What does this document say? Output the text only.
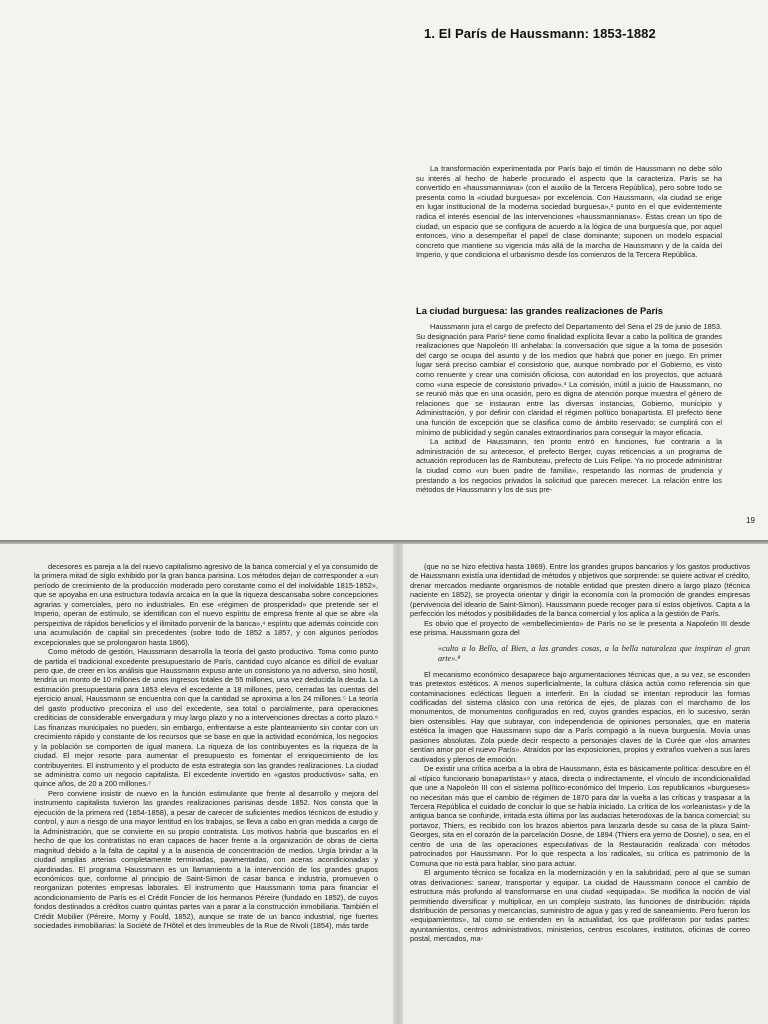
1. El París de Haussmann: 1853-1882

La transformación experimentada por París bajo el timón de Haussmann no debe sólo su interés al hecho de haberle procurado el aspecto que la caracteriza. París se ha convertido en «haussmanniana» (con el auxilio de la Tercera República), pero sobre todo se presenta como la «ciudad burguesa» por excelencia. Con Haussmann, «la ciudad se erige en lugar institucional de la moderna sociedad burguesa»,¹ punto en el que evidentemente radica el interés esencial de las intervenciones «haussmannianas». Éstas crean un tipo de ciudad, un espacio que se configura de acuerdo a la lógica de una burguesía que, por aquel entonces, vino a desempeñar el papel de clase dominante; suponen un modelo espacial concreto que mantiene su vigencia más allá de la marcha de Haussmann y de la caída del Imperio, y que condiciona el urbanismo desde los comienzos de la Tercera República.

La ciudad burguesa: las grandes realizaciones de París

Haussmann jura el cargo de prefecto del Departamento del Sena el 29 de junio de 1853. Su designación para París² tiene como finalidad explícita llevar a cabo la política de grandes realizaciones que Napoleón III anhelaba: la conversación que sigue a la toma de posesión del cargo se ocupa del asunto y de los medios que habrá que poner en juego. En primer lugar será preciso cambiar el consistorio que, aunque nombrado por el Gobierno, es visto como renuente y crear una comisión oficiosa, con autoridad en los proyectos, que actuará como «una especie de consistorio privado».³ La comisión, inútil a juicio de Haussmann, no se reunió más que en una ocasión, pero es digna de atención porque muestra el género de relaciones que se instauran entre las diversas instancias, Gobierno, municipio y Administración, y por definir con claridad el régimen político bonapartista. El prefecto tiene una función de excepción que se clasifica como de ámbito reservado; se cumplirá con el mínimo de publicidad y según canales extraordinarios para conseguir la mayor eficacia.

La actitud de Haussmann, ten pronto entró en funciones, fue contraria a la administración de su antecesor, el prefecto Berger, cuyas reticencias a un programa de actuación reproducen las de Rambuteau, prefecto de Luis Felipe. Ya no procede administrar la ciudad como «un buen padre de familia», respetando las normas de prudencia y prestando a los negocios privados la solicitud que parecen merecer. La relación entre los métodos de Haussmann y los de sus pre-

19

decesores es pareja a la del nuevo capitalismo agresivo de la banca comercial y el ya consumido de la primera mitad de siglo exhibido por la gran banca parisina. Los métodos dejan de corresponder a «un período de crecimiento de la producción moderado pero constante como el del inolvidable 1815-1852», que se apoyaba en una estructura todavía arcaica en la que la riqueza descansaba sobre concepciones agrarias y comerciales, pero no industriales. En ese «régimen de prosperidad» que pretende ser el Imperio, operan de estímulo, se identifican con el nuevo espíritu de empresa frente al que se abre «la perspectiva de rápidos beneficios y el ilimitado porvenir de la banca»,⁴ espíritu que además coincide con una acumulación de capital sin precedentes (sobre todo de 1852 a 1857, y con algunos períodos excepcionales que se prolongaron hasta 1866).

Como método de gestión, Haussmann desarrolla la teoría del gasto productivo. Toma como punto de partida el tradicional excedente presupuestario de París, cantidad cuyo alcance es difícil de evaluar pero que, de creer en los análisis que Haussmann expuso ante un consistorio ya no adverso, sino hostil, tendría un monto de 10 millones de unos ingresos totales de 55 millones, una vez deducida la deuda. La estimación presupuestaria para 1853 eleva el excedente a 18 millones, pero, cerradas las cuentas del ejercicio anual, Haussmann se encuentra con que la cantidad se aproxima a los 24 millones.⁵ La teoría del gasto productivo preconiza el uso del excedente, sea total o parcialmente, para operaciones crediticias de considerable envergadura y muy largo plazo y no a intervenciones directas a corto plazo.⁶ Las finanzas municipales no pueden, sin embargo, enfrentarse a este planteamiento sin contar con un crecimiento rápido y constante de los recursos que se base en que la actividad económica, los negocios y la población se comporten de igual manera. La riqueza de los contribuyentes es la riqueza de la ciudad. El mejor resorte para aumentar el presupuesto es fomentar el enriquecimiento de los contribuyentes. El instrumento y el producto de esta estrategia son las grandes realizaciones. La ciudad se administra como un negocio capitalista. El excedente invertido en «gastos productivos» salta, en quince años, de 20 a 200 millones.⁷

Pero conviene insistir de nuevo en la función estimulante que frente al desarrollo y mejora del instrumento capitalista tuvieron las grandes realizaciones parisinas desde 1852. Nos consta que la ejecución de la primera red (1854-1858), a pesar de carecer de suficientes medios técnicos de estudio y control, y aun a riesgo de una mayor lentitud en los trabajos, se lleva a cabo en gran medida a cargo de la Administración, que se convierte en su propio contratista. Los motivos habría que buscarlos en el hecho de que los contratistas no eran capaces de hacer frente a la organización de obras de cierta magnitud debido a la falta de capital y a la ausencia de concentración de medios. Urgía brindar a la ciudad amplias arterias completamente terminadas, pavimentadas, con aceras acondicionadas y ajardinadas. El programa Haussmann es un llamamiento a la intervención de los grandes grupos económicos que, conforme al principio de Saint-Simon de casar banca e industria, promueven o reorganizan potentes empresas laborales. El instrumento que Haussmann toma para financiar el acondicionamiento de París es el Crédit Foncier de los hermanos Péreire (fundado en 1852), de cuyos fondos destinados a créditos cuatro quintas partes van a parar a la construcción inmobiliaria. También el Crédit Mobilier (Péreire, Morny y Fould, 1852), aunque se trate de un banco industrial, rige fuertes sociedades inmobiliarias: la Société de l'Hôtel et des Immeubles de la Rue de Rivoli (1854), más tarde

(que no se hizo efectiva hasta 1869). Entre los grandes grupos bancarios y los gastos productivos de Haussmann existía una identidad de métodos y objetivos que sorprende: se quiere activar el crédito, drenar mercados mediante organismos de notable entidad que presten dinero a largo plazo (técnica naciente en 1852), se proyecta orientar y dirigir la economía con la promoción de grandes empresas (pervivencia del ideario de Saint-Simon). Haussmann puede recoger para sí estos objetivos. Capta a la perfección los métodos y posibilidades de la banca comercial y los aplica a la gestión de París.

Es obvio que el proyecto de «embellecimiento» de París no se le presenta a Napoleón III desde ese prisma. Haussmann goza del

«culto a lo Bello, al Bien, a las grandes cosas, a la bella naturaleza que inspiran el gran arte».⁸

El mecanismo económico desaparece bajo argumentaciones técnicas que, a su vez, se esconden tras pretextos estéticos. A menos superficialmente, la cultura clásica actúa como referencia sin que contaminaciones eclécticas lleguen a interferir. En la ciudad se intentan reproducir las formas codificadas del sistema clásico con una retórica de ejes, de plazas con el marchamo de los monumentos, de monumentos configurados en red, cuyos grandes espacios, en lo sucesivo, serán bien ostensibles. Hay que subrayar, con independencia de opiniones personales, que en materia estética la imagen que Haussmann supo dar a París compagió a la nueva burguesía. Movía unas pasiones absolutas. Zola puede decir respecto a personajes claves de la Curée que «los amantes sentían amor por el nuevo París». Atraídos por las exposiciones, propios y extraños vuelven a sus lares cautivados y plenos de emoción.

De existir una crítica acerba a la obra de Haussmann, ésta es básicamente política: descubre en él al «típico funcionario bonapartista»⁹ y ataca, directa o indirectamente, el vínculo de incondicionalidad que une a Napoleón III con el sistema político-económico del Imperio. Los republicanos «burgueses» no necesitan más que el cambio de régimen de 1870 para dar la vuelta a las críticas y traspasar a la Tercera República el cuidado de concluir lo que se había iniciado. La crítica de los «orleanistas» y de la antigua banca se confunde, irritada esta última por las audacias heterodoxas de la banca comercial; su portavoz, Thiers, es recibido con los brazos abiertos para lanzarla desde su casa de la plaza Saint-Georges, sita en el corazón de la parcelación Dosne, de 1894 (Thiers era yerno de Dosne), o sea, en el centro de una de las operaciones especulativas de la Restauración realizada con métodos patrocinados por Haussmann. Por lo que respecta a los radicales, su crítica es patrimonio de la Comuna que no está para hablar, sino para actuar.

El argumento técnico se focaliza en la modernización y en la salubridad, pero al que se suman otras derivaciones: sanear, transportar y equipar. La ciudad de Haussmann conoce el cambio de estructura más profundo al transformarse en una ciudad «equipada». Se modifica la noción de vial permitiendo diversificar y multiplicar, en un complejo sustrato, las funciones de distribución: rápida distribución de personas y mercancías, suministro de agua y gas y red de saneamiento. Pero fueron los «equipamientos», tal como se entienden en la actualidad, los que proliferaron por todas partes: ayuntamientos, centros administrativos, ministerios, centros escolares, institutos, oficinas de correo postal, mercados, ma-
